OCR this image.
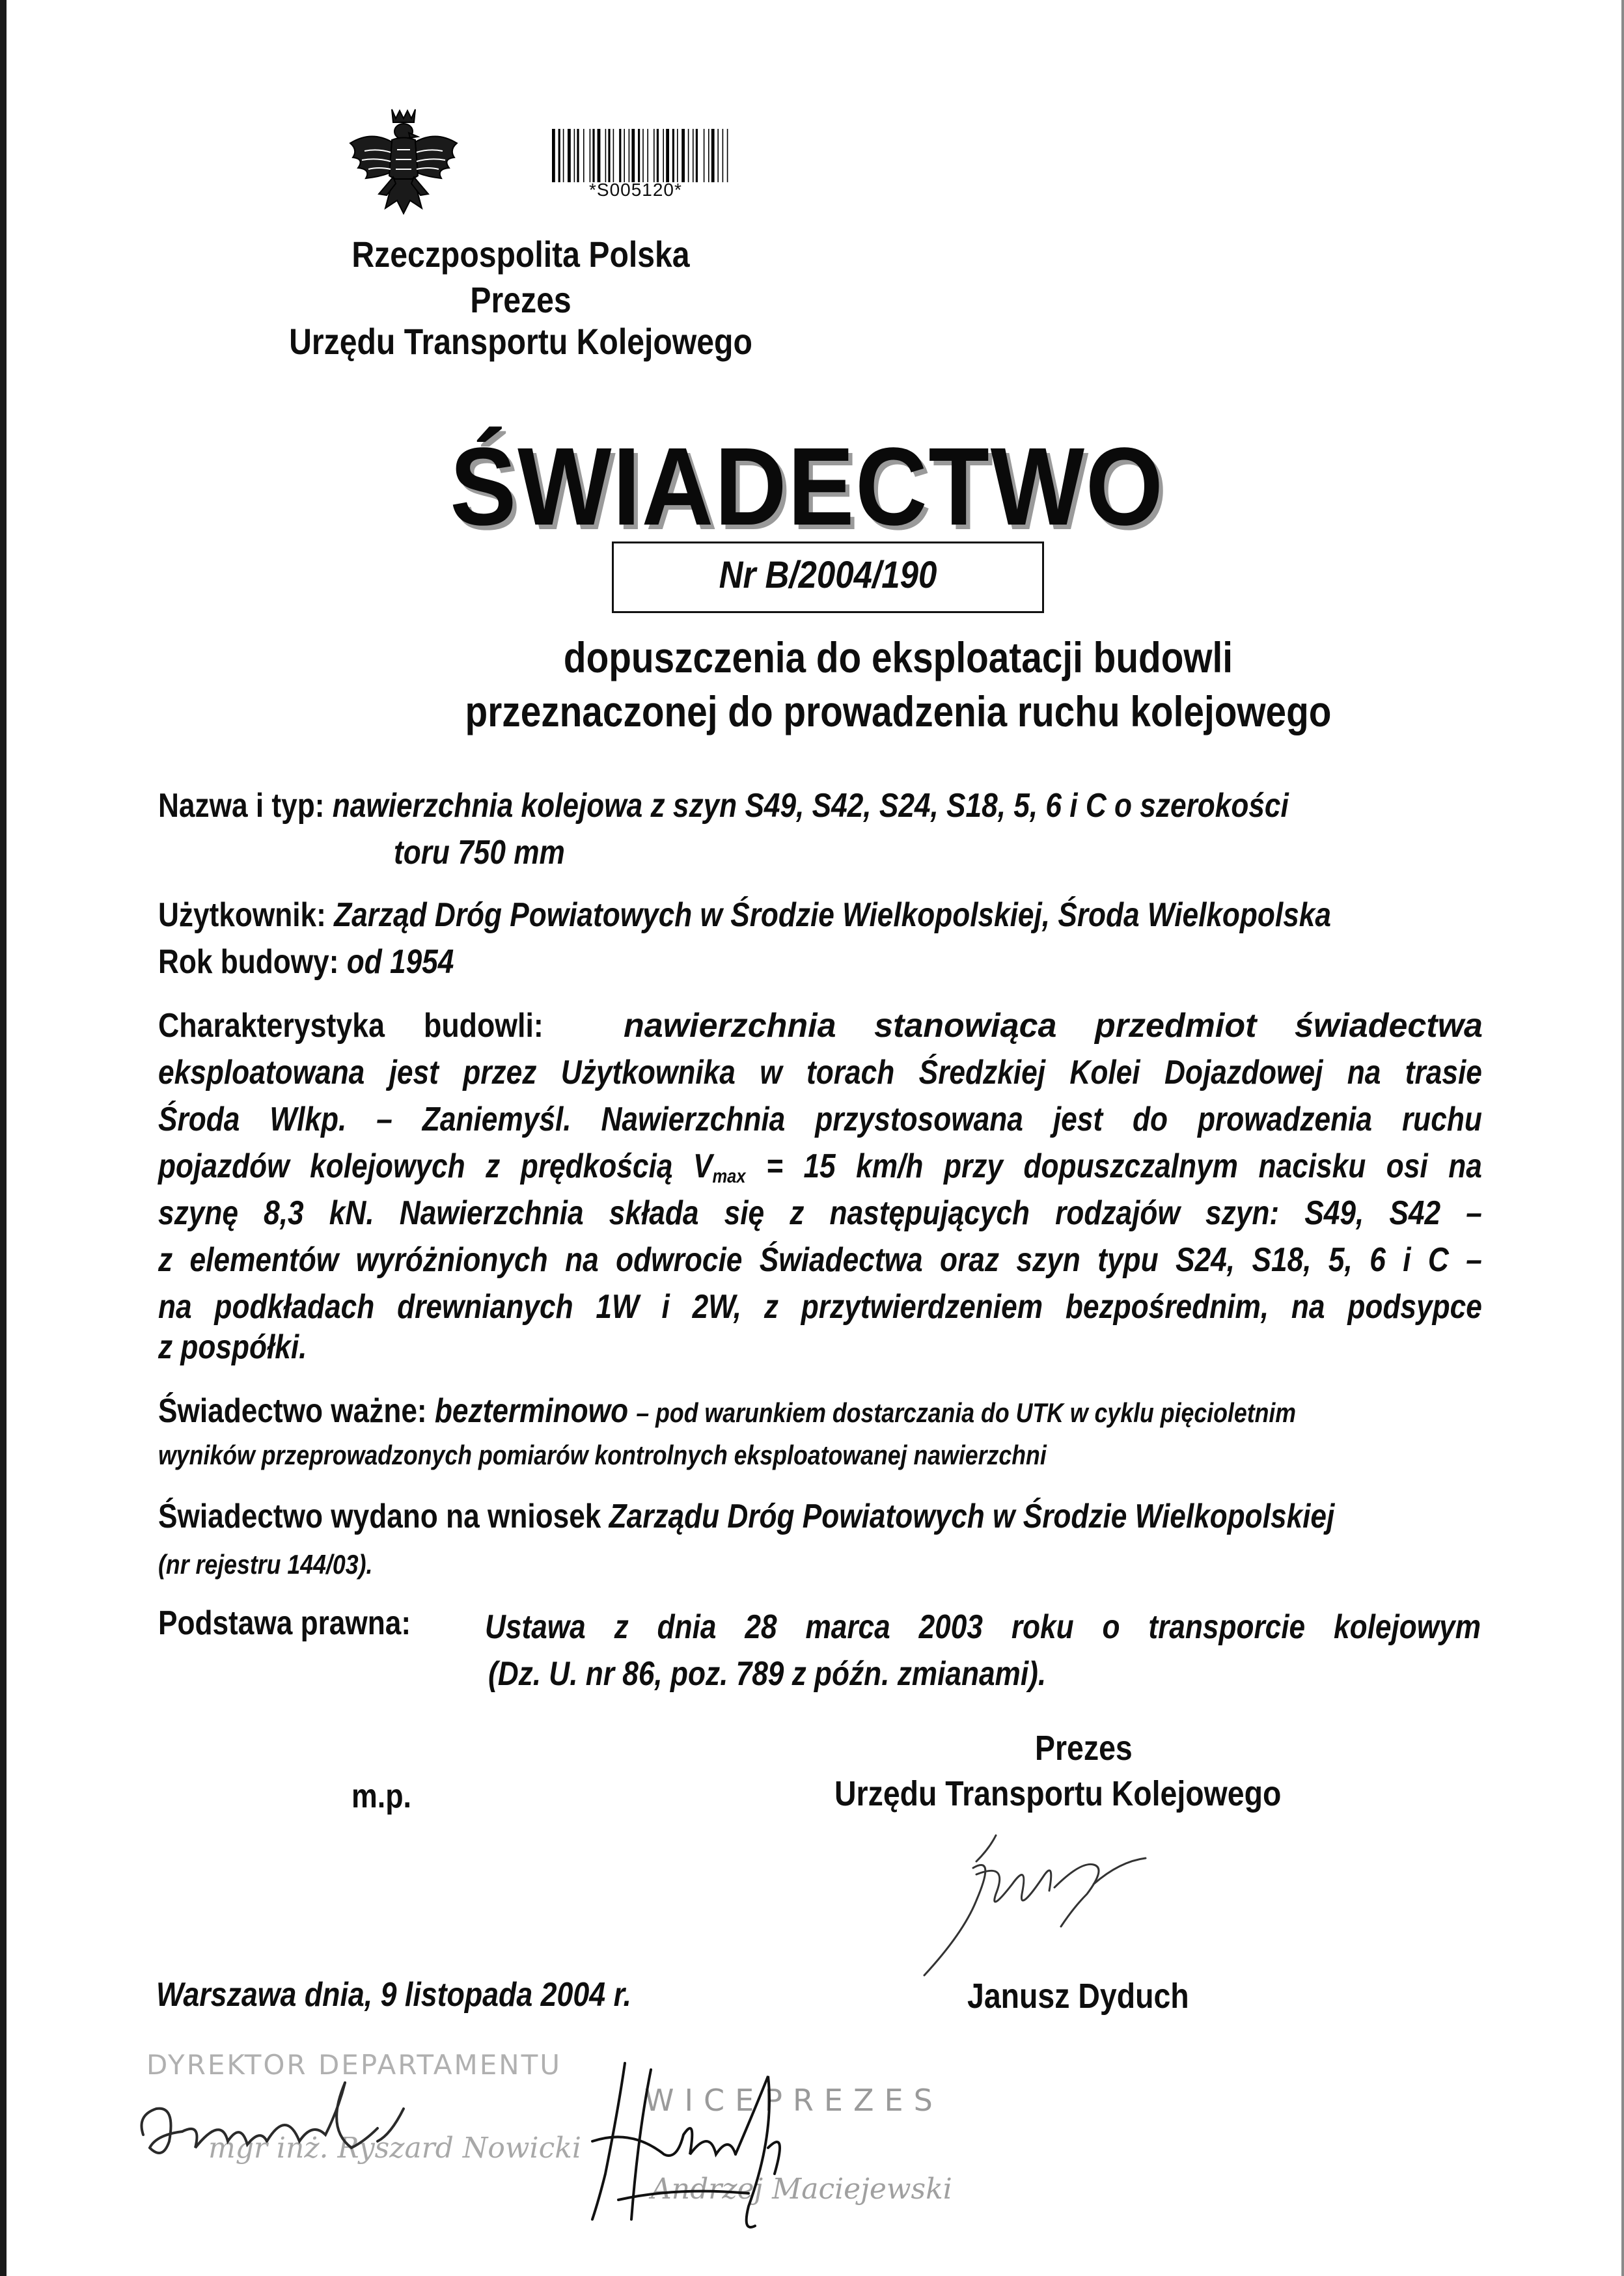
*S005120*
Rzeczpospolita Polska
Prezes
Urzędu Transportu Kolejowego
ŚWIADECTWO
Nr B/2004/190
dopuszczenia do eksploatacji budowli
przeznaczonej do prowadzenia ruchu kolejowego
Nazwa i typ: nawierzchnia kolejowa z szyn S49, S42, S24, S18, 5, 6 i C o szerokości
toru 750 mm
Użytkownik: Zarząd Dróg Powiatowych w Środzie Wielkopolskiej, Środa Wielkopolska
Rok budowy: od 1954
Charakterystyka budowli: nawierzchnia stanowiąca przedmiot świadectwa
eksploatowana jest przez Użytkownika w torach Średzkiej Kolei Dojazdowej na trasie
Środa Wlkp. – Zaniemyśl. Nawierzchnia przystosowana jest do prowadzenia ruchu
pojazdów kolejowych z prędkością $V_{max} = 15$ km/h przy dopuszczalnym nacisku osi na
szynę 8,3 kN. Nawierzchnia składa się z następujących rodzajów szyn: S49, S42 –
z elementów wyróżnionych na odwrocie Świadectwa oraz szyn typu S24, S18, 5, 6 i C –
na podkładach drewnianych 1W i 2W, z przytwierdzeniem bezpośrednim, na podsypce
z pospółki.
Świadectwo ważne: bezterminowo – pod warunkiem dostarczania do UTK w cyklu pięcioletnim
wyników przeprowadzonych pomiarów kontrolnych eksploatowanej nawierzchni
Świadectwo wydano na wniosek Zarządu Dróg Powiatowych w Środzie Wielkopolskiej
(nr rejestru 144/03).
Podstawa prawna: Ustawa z dnia 28 marca 2003 roku o transporcie kolejowym
(Dz. U. nr 86, poz. 789 z późn. zmianami).
Prezes
Urzędu Transportu Kolejowego
m.p.
Janusz Dyduch
Warszawa dnia, 9 listopada 2004 r.
DYREKTOR DEPARTAMENTU
mgr inż. Ryszard Nowicki
WICEPREZES
Andrzej Maciejewski
